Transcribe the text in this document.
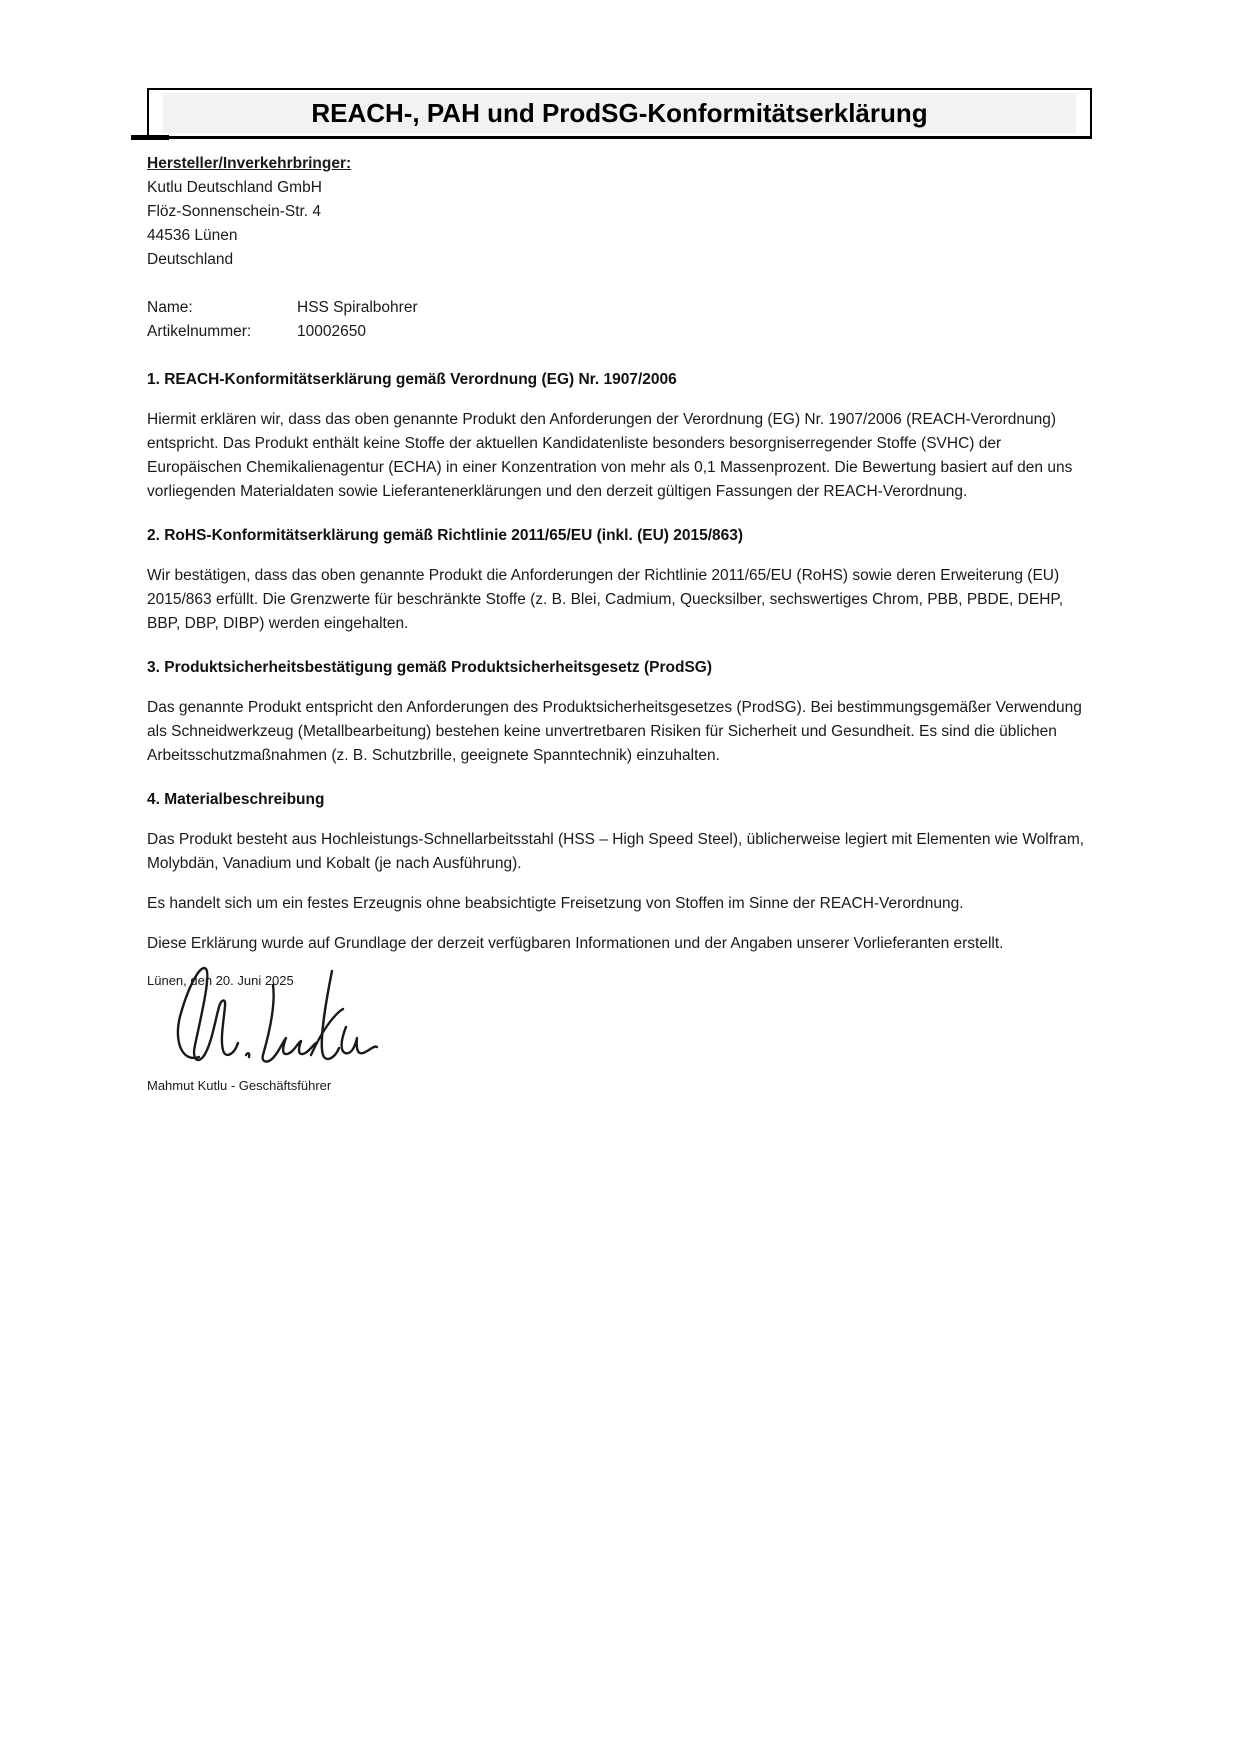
REACH-, PAH und ProdSG-Konformitätserklärung
Hersteller/Inverkehrbringer:
Kutlu Deutschland GmbH
Flöz-Sonnenschein-Str. 4
44536 Lünen
Deutschland
Name:	HSS Spiralbohrer
Artikelnummer:	10002650
1. REACH-Konformitätserklärung gemäß Verordnung (EG) Nr. 1907/2006

Hiermit erklären wir, dass das oben genannte Produkt den Anforderungen der Verordnung (EG) Nr. 1907/2006 (REACH-Verordnung) entspricht. Das Produkt enthält keine Stoffe der aktuellen Kandidatenliste besonders besorgniserregender Stoffe (SVHC) der Europäischen Chemikalienagentur (ECHA) in einer Konzentration von mehr als 0,1 Massenprozent. Die Bewertung basiert auf den uns vorliegenden Materialdaten sowie Lieferantenerklärungen und den derzeit gültigen Fassungen der REACH-Verordnung.

2. RoHS-Konformitätserklärung gemäß Richtlinie 2011/65/EU (inkl. (EU) 2015/863)

Wir bestätigen, dass das oben genannte Produkt die Anforderungen der Richtlinie 2011/65/EU (RoHS) sowie deren Erweiterung (EU) 2015/863 erfüllt. Die Grenzwerte für beschränkte Stoffe (z. B. Blei, Cadmium, Quecksilber, sechswertiges Chrom, PBB, PBDE, DEHP, BBP, DBP, DIBP) werden eingehalten.

3. Produktsicherheitsbestätigung gemäß Produktsicherheitsgesetz (ProdSG)

Das genannte Produkt entspricht den Anforderungen des Produktsicherheitsgesetzes (ProdSG). Bei bestimmungsgemäßer Verwendung als Schneidwerkzeug (Metallbearbeitung) bestehen keine unvertretbaren Risiken für Sicherheit und Gesundheit. Es sind die üblichen Arbeitsschutzmaßnahmen (z. B. Schutzbrille, geeignete Spanntechnik) einzuhalten.

4. Materialbeschreibung

Das Produkt besteht aus Hochleistungs-Schnellarbeitsstahl (HSS – High Speed Steel), üblicherweise legiert mit Elementen wie Wolfram, Molybdän, Vanadium und Kobalt (je nach Ausführung).

Es handelt sich um ein festes Erzeugnis ohne beabsichtigte Freisetzung von Stoffen im Sinne der REACH-Verordnung.

Diese Erklärung wurde auf Grundlage der derzeit verfügbaren Informationen und der Angaben unserer Vorlieferanten erstellt.

Lünen, den 20. Juni 2025
Mahmut Kutlu - Geschäftsführer
